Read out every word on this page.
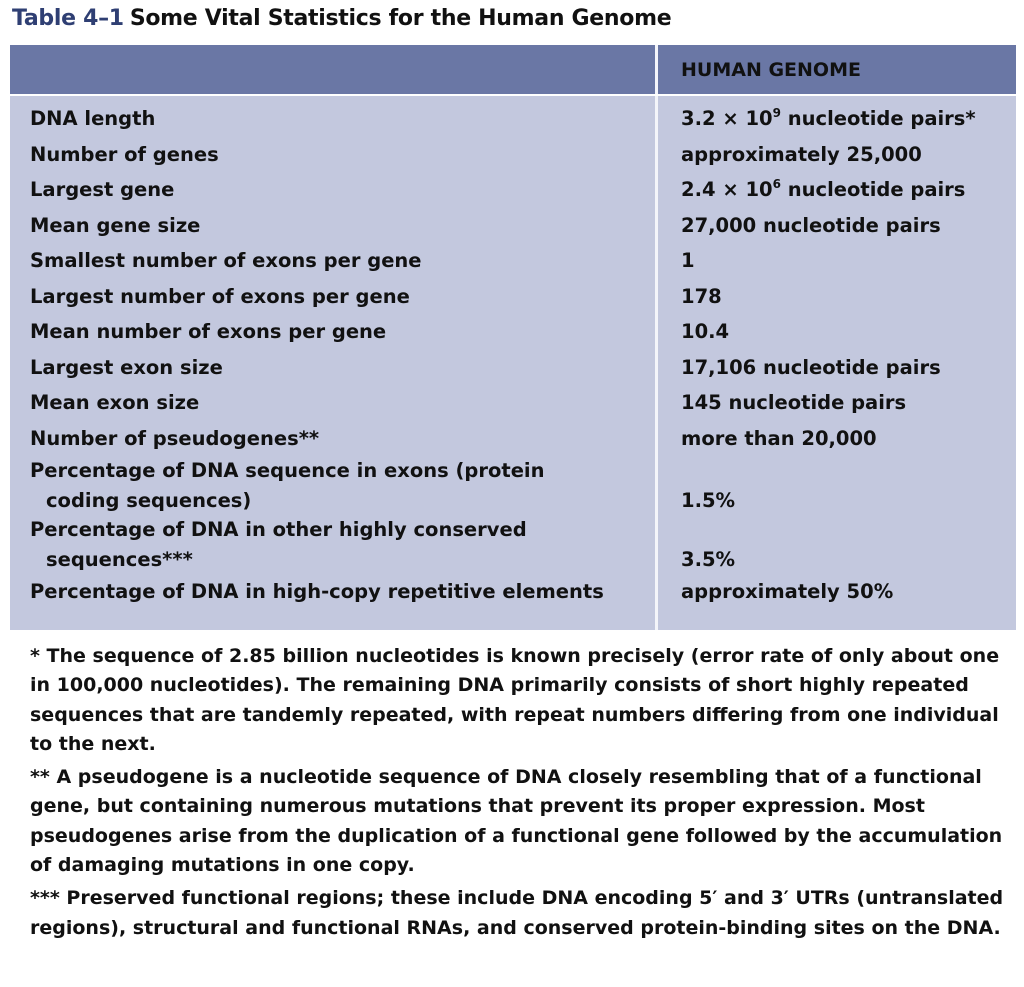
Table 4–1 Some Vital Statistics for the Human Genome
HUMAN GENOME
DNA length	$3.2 \times 10^9$ nucleotide pairs*
Number of genes	approximately 25,000
Largest gene	$2.4 \times 10^6$ nucleotide pairs
Mean gene size	27,000 nucleotide pairs
Smallest number of exons per gene	1
Largest number of exons per gene	178
Mean number of exons per gene	10.4
Largest exon size	17,106 nucleotide pairs
Mean exon size	145 nucleotide pairs
Number of pseudogenes**	more than 20,000
Percentage of DNA sequence in exons (protein
coding sequences)	1.5%
Percentage of DNA in other highly conserved
sequences***	3.5%
Percentage of DNA in high-copy repetitive elements	approximately 50%
* The sequence of 2.85 billion nucleotides is known precisely (error rate of only about one in 100,000 nucleotides). The remaining DNA primarily consists of short highly repeated sequences that are tandemly repeated, with repeat numbers differing from one individual to the next.
** A pseudogene is a nucleotide sequence of DNA closely resembling that of a functional gene, but containing numerous mutations that prevent its proper expression. Most pseudogenes arise from the duplication of a functional gene followed by the accumulation of damaging mutations in one copy.
*** Preserved functional regions; these include DNA encoding 5′ and 3′ UTRs (untranslated regions), structural and functional RNAs, and conserved protein-binding sites on the DNA.
